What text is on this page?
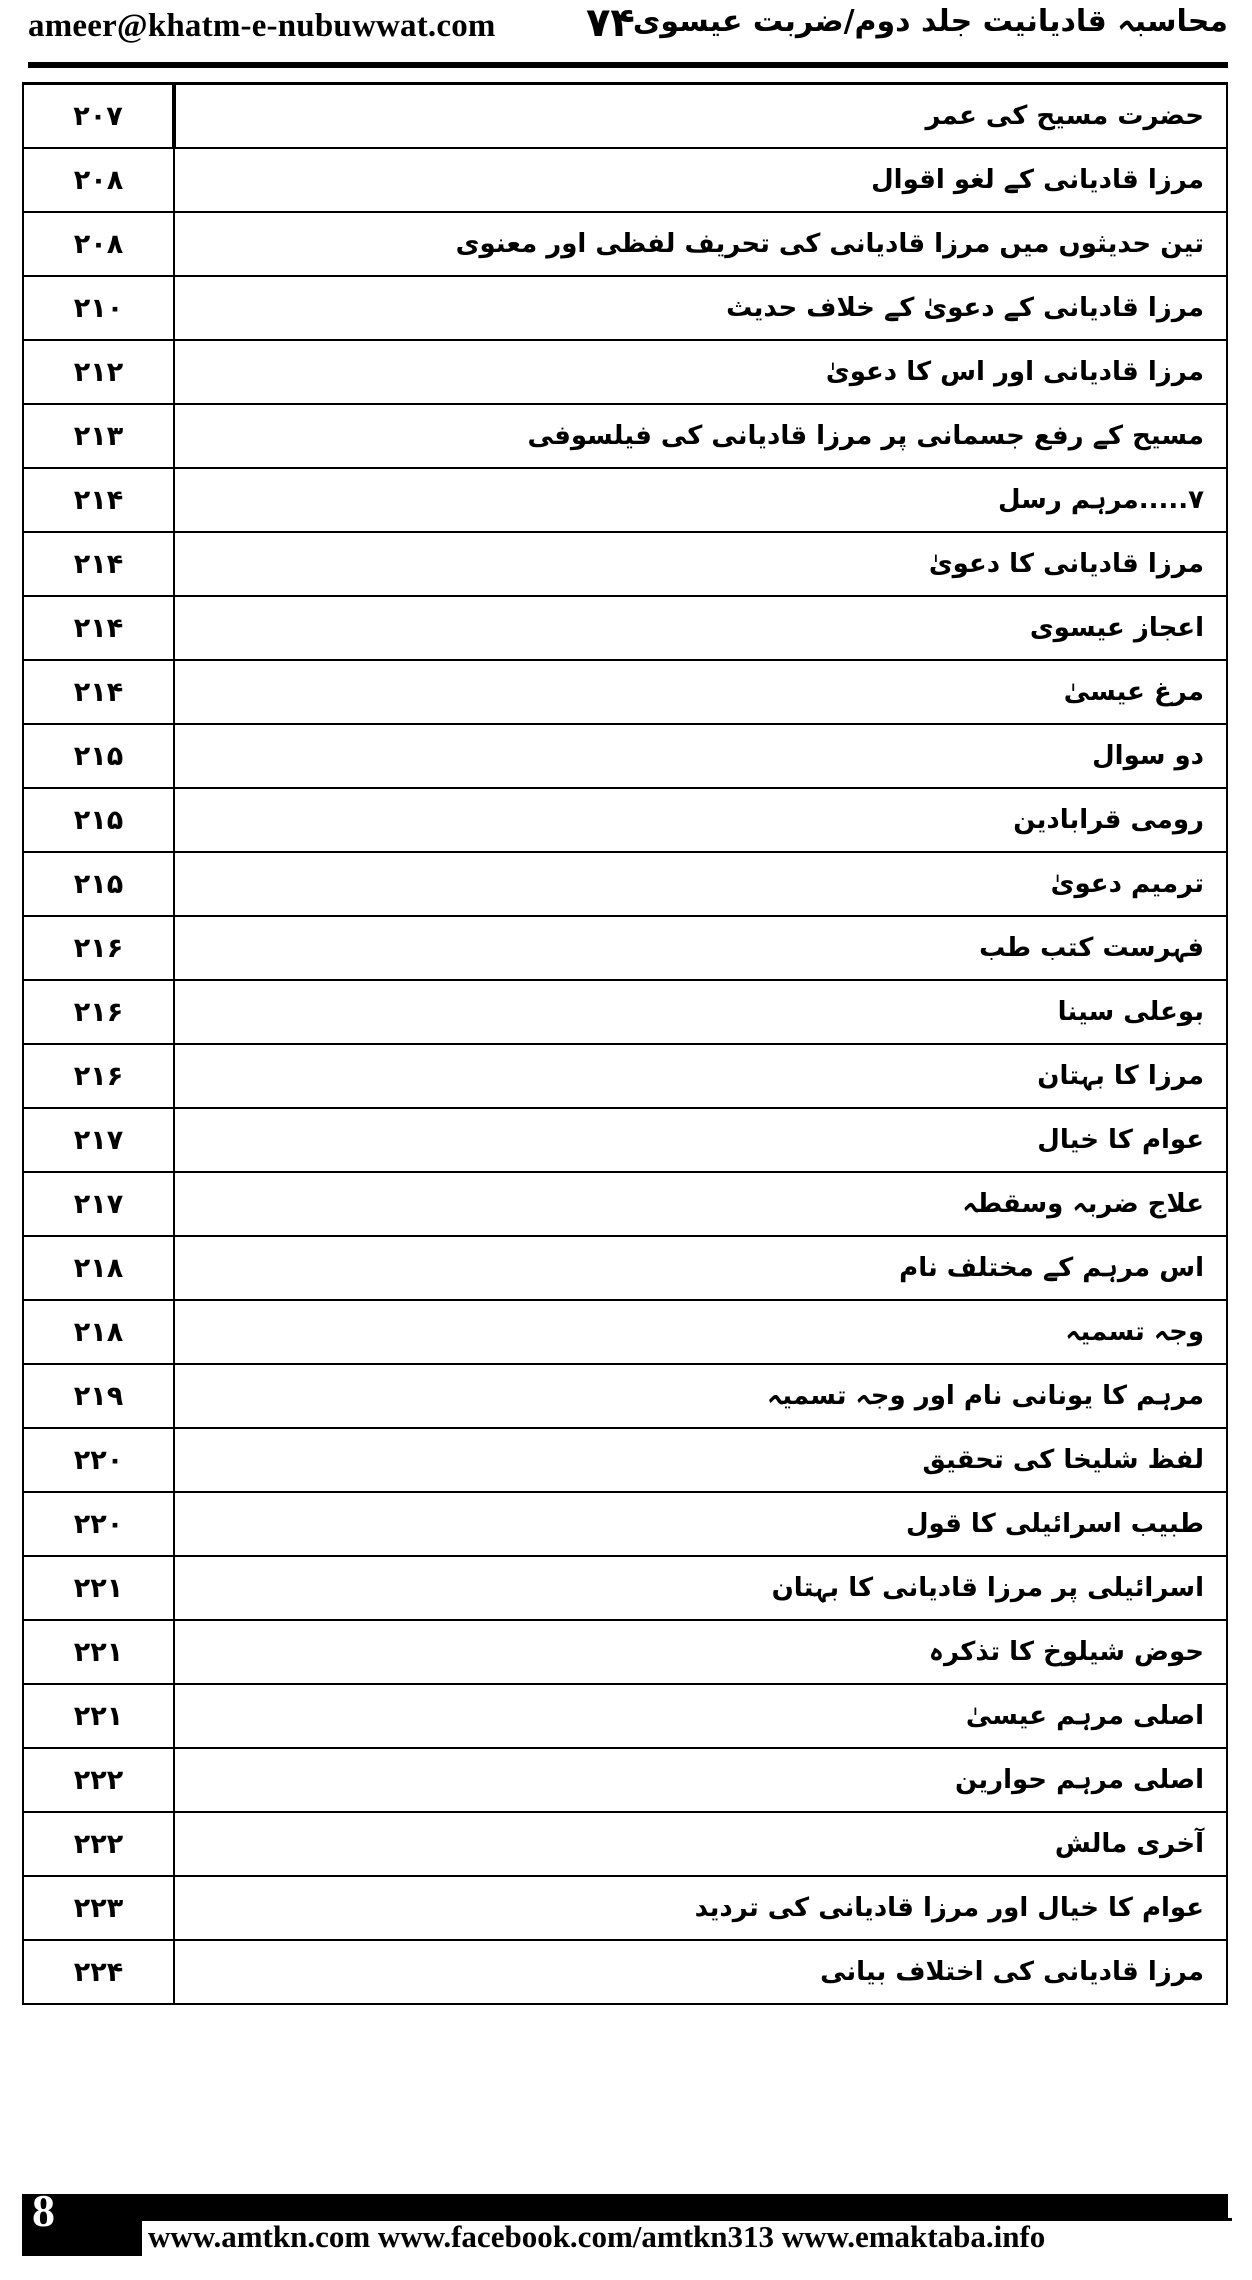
ameer@khatm-e-nubuwwat.com ۷۴
محاسبہ قادیانیت جلد دوم/ضربت عیسوی
۲۰۷	حضرت مسیح کی عمر
۲۰۸	مرزا قادیانی کے لغو اقوال
۲۰۸	تین حدیثوں میں مرزا قادیانی کی تحریف لفظی اور معنوی
۲۱۰	مرزا قادیانی کے دعویٰ کے خلاف حدیث
۲۱۲	مرزا قادیانی اور اس کا دعویٰ
۲۱۳	مسیح کے رفع جسمانی پر مرزا قادیانی کی فیلسوفی
۲۱۴	۷.....مرہم رسل
۲۱۴	مرزا قادیانی کا دعویٰ
۲۱۴	اعجاز عیسوی
۲۱۴	مرغ عیسیٰ
۲۱۵	دو سوال
۲۱۵	رومی قرابادین
۲۱۵	ترمیم دعویٰ
۲۱۶	فہرست کتب طب
۲۱۶	بوعلی سینا
۲۱۶	مرزا کا بہتان
۲۱۷	عوام کا خیال
۲۱۷	علاج ضربہ وسقطہ
۲۱۸	اس مرہم کے مختلف نام
۲۱۸	وجہ تسمیہ
۲۱۹	مرہم کا یونانی نام اور وجہ تسمیہ
۲۲۰	لفظ شلیخا کی تحقیق
۲۲۰	طبیب اسرائیلی کا قول
۲۲۱	اسرائیلی پر مرزا قادیانی کا بہتان
۲۲۱	حوض شیلوخ کا تذکرہ
۲۲۱	اصلی مرہم عیسیٰ
۲۲۲	اصلی مرہم حوارین
۲۲۲	آخری مالش
۲۲۳	عوام کا خیال اور مرزا قادیانی کی تردید
۲۲۴	مرزا قادیانی کی اختلاف بیانی
8
www.amtkn.com www.facebook.com/amtkn313 www.emaktaba.info
